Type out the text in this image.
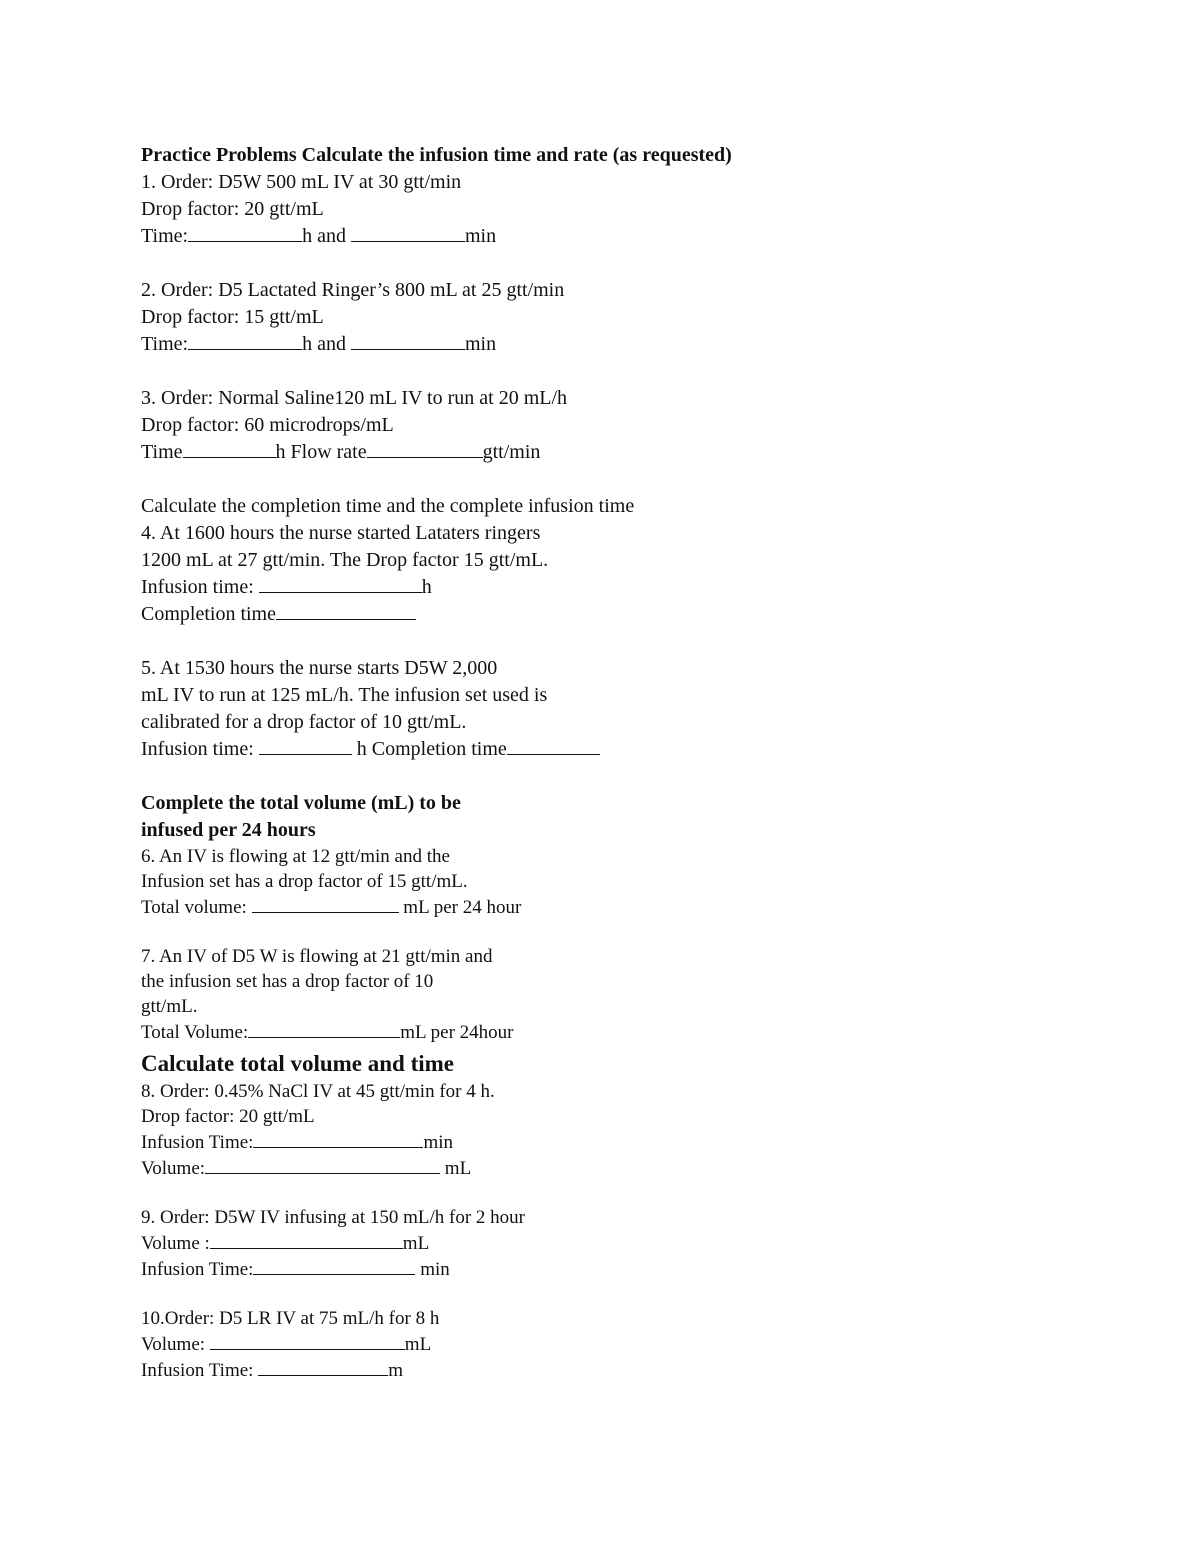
Practice Problems Calculate the infusion time and rate (as requested)
1. Order: D5W 500 mL IV at 30 gtt/min
Drop factor: 20 gtt/mL
Time:	h and	min
2. Order: D5 Lactated Ringer’s 800 mL at 25 gtt/min
Drop factor: 15 gtt/mL
Time:	h and	min
3. Order: Normal Saline120 mL IV to run at 20 mL/h
Drop factor: 60 microdrops/mL
Time	h Flow rate	gtt/min
Calculate the completion time and the complete infusion time
4. At 1600 hours the nurse started Lataters ringers
1200 mL at 27 gtt/min. The Drop factor 15 gtt/mL.
Infusion time:	h
Completion time
5. At 1530 hours the nurse starts D5W 2,000
mL IV to run at 125 mL/h. The infusion set used is
calibrated for a drop factor of 10 gtt/mL.
Infusion time:	h Completion time
Complete the total volume (mL) to be
infused per 24 hours
6. An IV is flowing at 12 gtt/min and the
Infusion set has a drop factor of 15 gtt/mL.
Total volume:	mL per 24 hour
7. An IV of D5 W is flowing at 21 gtt/min and
the infusion set has a drop factor of 10
gtt/mL.
Total Volume:	mL per 24hour
Calculate total volume and time
8. Order: 0.45% NaCl IV at 45 gtt/min for 4 h.
Drop factor: 20 gtt/mL
Infusion Time:	min
Volume:	mL
9. Order: D5W IV infusing at 150 mL/h for 2 hour
Volume :	mL
Infusion Time:	min
10.Order: D5 LR IV at 75 mL/h for 8 h
Volume:	mL
Infusion Time:	m
